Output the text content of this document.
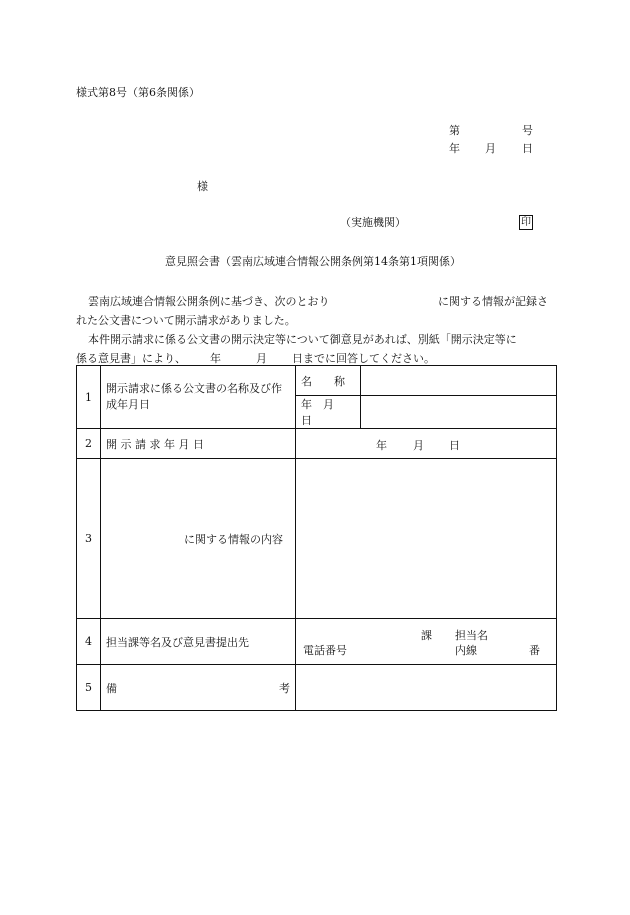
様式第8号（第6条関係）
第	号
年 月 日
様
（実施機関）	印
意見照会書（雲南広域連合情報公開条例第14条第1項関係）
雲南広域連合情報公開条例に基づき、次のとおり	に関する情報が記録さ
れた公文書について開示請求がありました。
本件開示請求に係る公文書の開示決定等について御意見があれば、別紙「開示決定等に
係る意見書」により、 年	月 日までに回答してください。
1	開示請求に係る公文書の名称及び作成年月日	名　　称	
		年　月　日	
2	開 示 請 求 年 月 日	年 月 日	

3	に関する情報の内容		
4	担当課等名及び意見書提出先	課 担当名
電話番号 内線 番	

5	備 考		
